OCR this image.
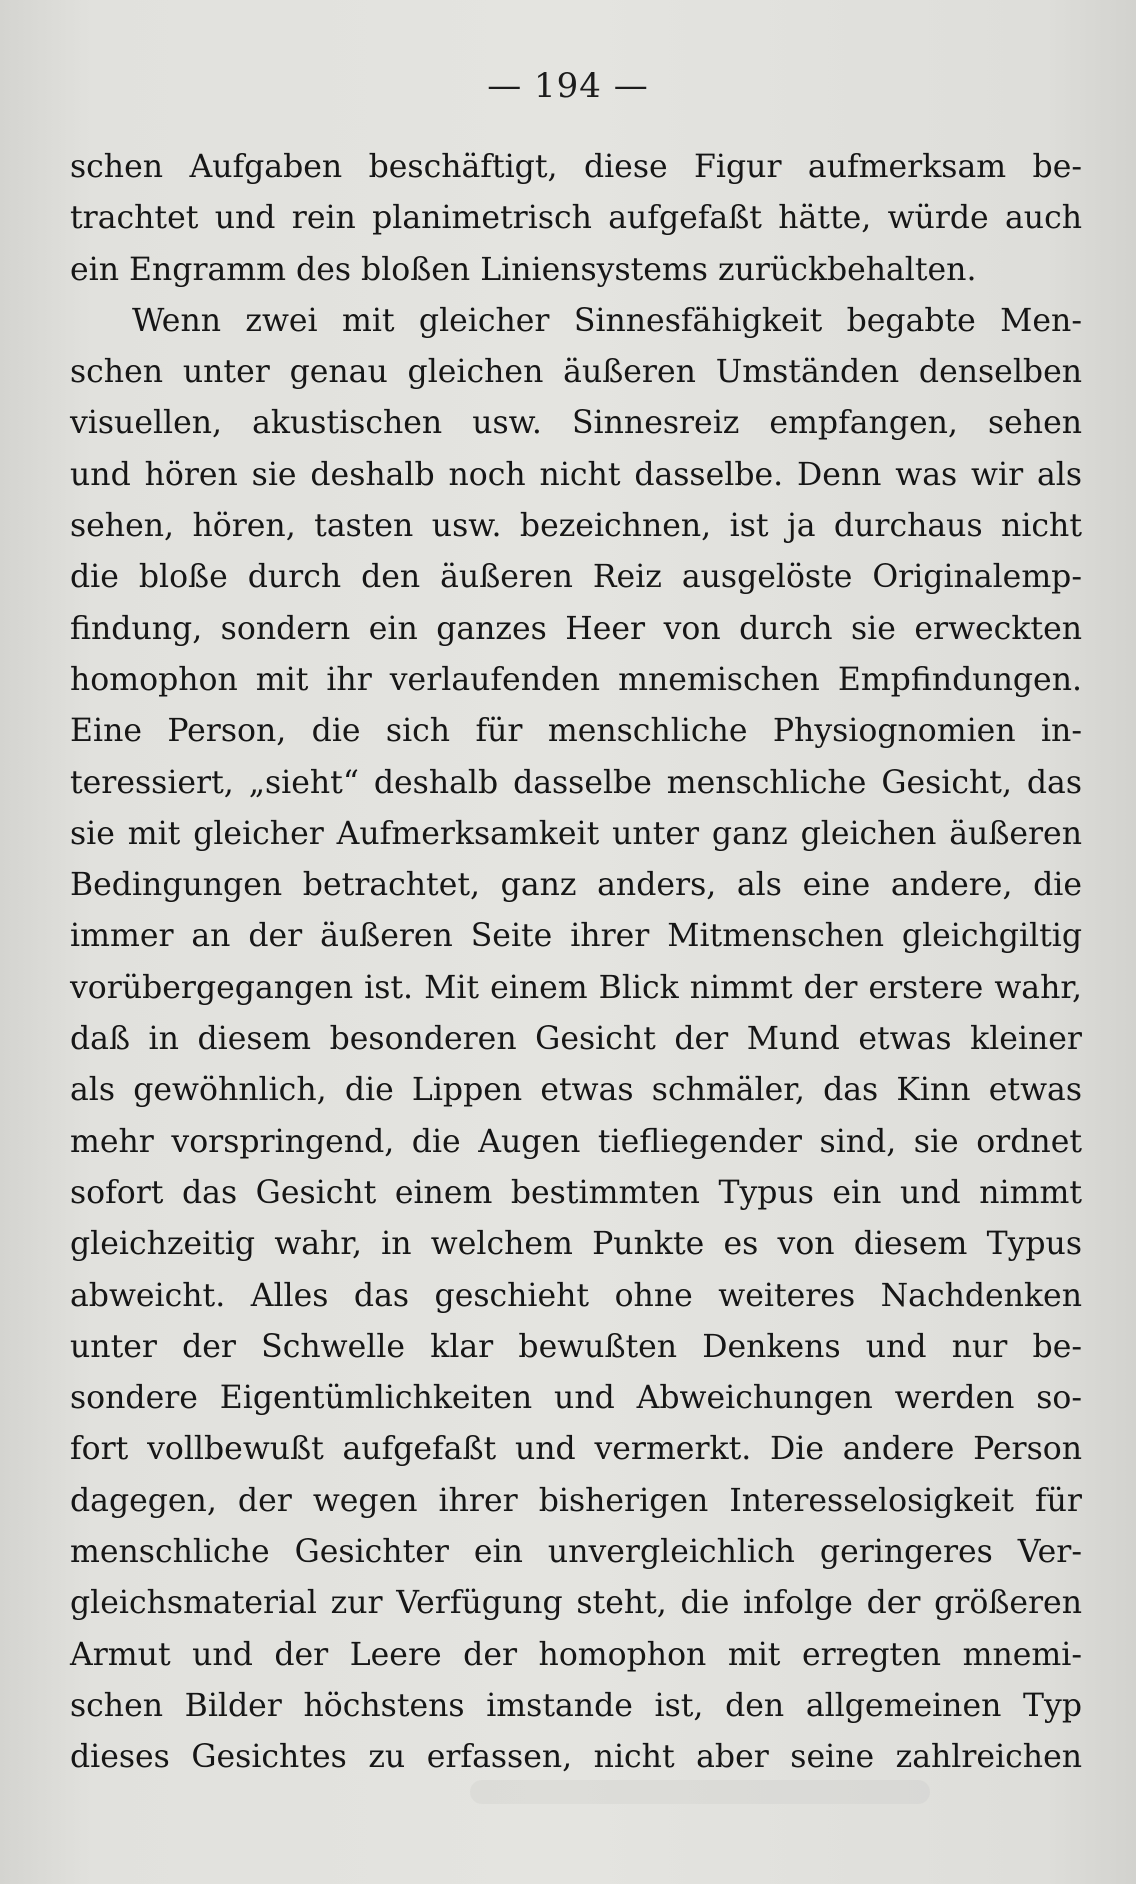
— 194 —
schen Aufgaben beschäftigt, diese Figur aufmerksam be-
trachtet und rein planimetrisch aufgefaßt hätte, würde auch
ein Engramm des bloßen Liniensystems zurückbehalten.
Wenn zwei mit gleicher Sinnesfähigkeit begabte Men-
schen unter genau gleichen äußeren Umständen denselben
visuellen, akustischen usw. Sinnesreiz empfangen, sehen
und hören sie deshalb noch nicht dasselbe. Denn was wir als
sehen, hören, tasten usw. bezeichnen, ist ja durchaus nicht
die bloße durch den äußeren Reiz ausgelöste Originalemp-
findung, sondern ein ganzes Heer von durch sie erweckten
homophon mit ihr verlaufenden mnemischen Empfindungen.
Eine Person, die sich für menschliche Physiognomien in-
teressiert, „sieht“ deshalb dasselbe menschliche Gesicht, das
sie mit gleicher Aufmerksamkeit unter ganz gleichen äußeren
Bedingungen betrachtet, ganz anders, als eine andere, die
immer an der äußeren Seite ihrer Mitmenschen gleichgiltig
vorübergegangen ist. Mit einem Blick nimmt der erstere wahr,
daß in diesem besonderen Gesicht der Mund etwas kleiner
als gewöhnlich, die Lippen etwas schmäler, das Kinn etwas
mehr vorspringend, die Augen tiefliegender sind, sie ordnet
sofort das Gesicht einem bestimmten Typus ein und nimmt
gleichzeitig wahr, in welchem Punkte es von diesem Typus
abweicht. Alles das geschieht ohne weiteres Nachdenken
unter der Schwelle klar bewußten Denkens und nur be-
sondere Eigentümlichkeiten und Abweichungen werden so-
fort vollbewußt aufgefaßt und vermerkt. Die andere Person
dagegen, der wegen ihrer bisherigen Interesselosigkeit für
menschliche Gesichter ein unvergleichlich geringeres Ver-
gleichsmaterial zur Verfügung steht, die infolge der größeren
Armut und der Leere der homophon mit erregten mnemi-
schen Bilder höchstens imstande ist, den allgemeinen Typ
dieses Gesichtes zu erfassen, nicht aber seine zahlreichen
